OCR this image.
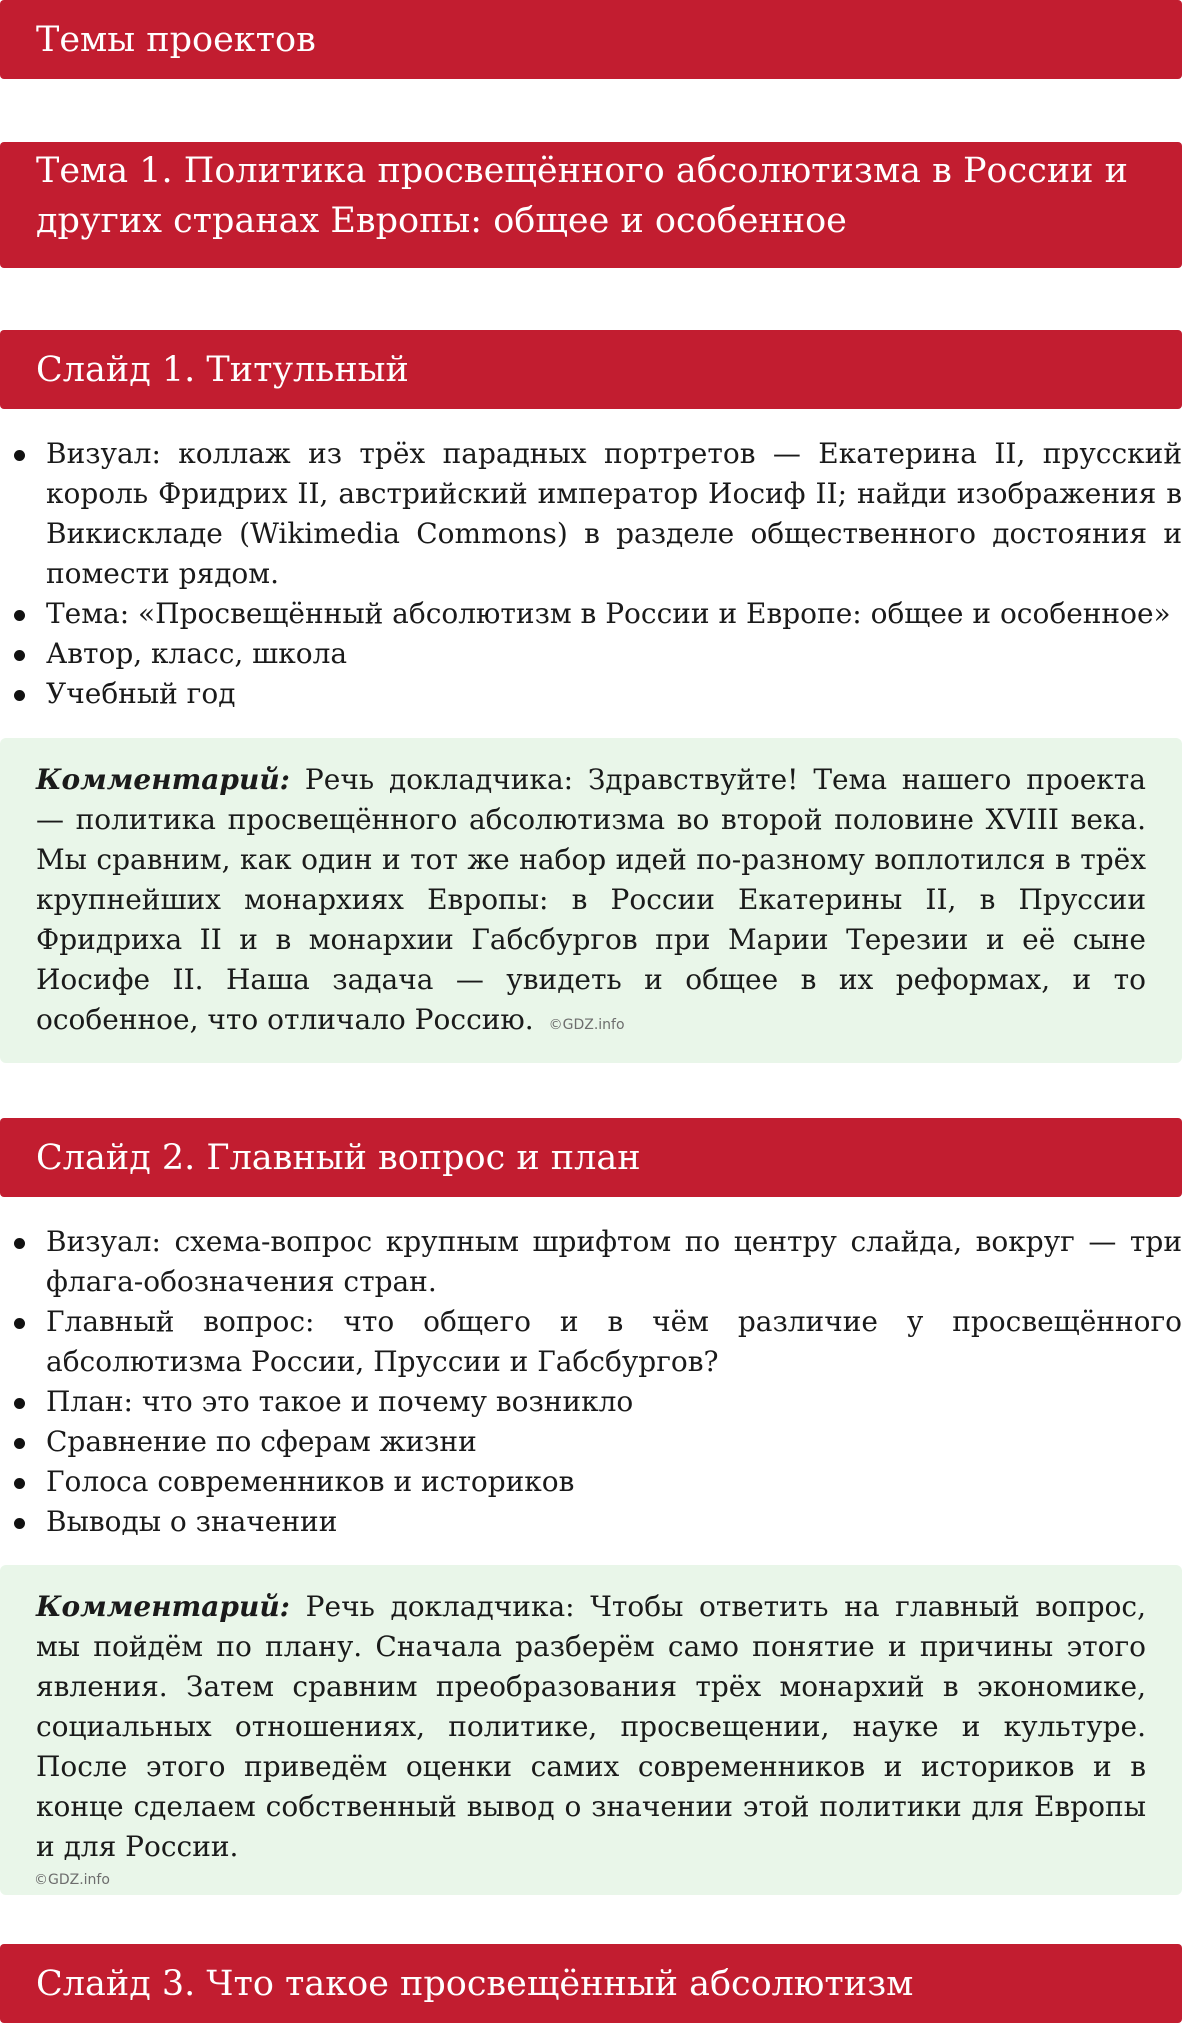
Темы проектов
Тема 1. Политика просвещённого абсолютизма в России и других странах Европы: общее и особенное
Слайд 1. Титульный
Визуал: коллаж из трёх парадных портретов — Екатерина II, прусский король Фридрих II, австрийский император Иосиф II; найди изображения в Викискладе (Wikimedia Commons) в разделе общественного достояния и помести рядом.
Тема: «Просвещённый абсолютизм в России и Европе: общее и особенное»
Автор, класс, школа
Учебный год
Комментарий: Речь докладчика: Здравствуйте! Тема нашего проекта — политика просвещённого абсолютизма во второй половине XVIII века. Мы сравним, как один и тот же набор идей по-разному воплотился в трёх крупнейших монархиях Европы: в России Екатерины II, в Пруссии Фридриха II и в монархии Габсбургов при Марии Терезии и её сыне Иосифе II. Наша задача — увидеть и общее в их реформах, и то особенное, что отличало Россию. ©GDZ.info
Слайд 2. Главный вопрос и план
Визуал: схема-вопрос крупным шрифтом по центру слайда, вокруг — три флага-обозначения стран.
Главный вопрос: что общего и в чём различие у просвещённого абсолютизма России, Пруссии и Габсбургов?
План: что это такое и почему возникло
Сравнение по сферам жизни
Голоса современников и историков
Выводы о значении
Комментарий: Речь докладчика: Чтобы ответить на главный вопрос, мы пойдём по плану. Сначала разберём само понятие и причины этого явления. Затем сравним преобразования трёх монархий в экономике, социальных отношениях, политике, просвещении, науке и культуре. После этого приведём оценки самих современников и историков и в конце сделаем собственный вывод о значении этой политики для Европы и для России.
©GDZ.info
Слайд 3. Что такое просвещённый абсолютизм
